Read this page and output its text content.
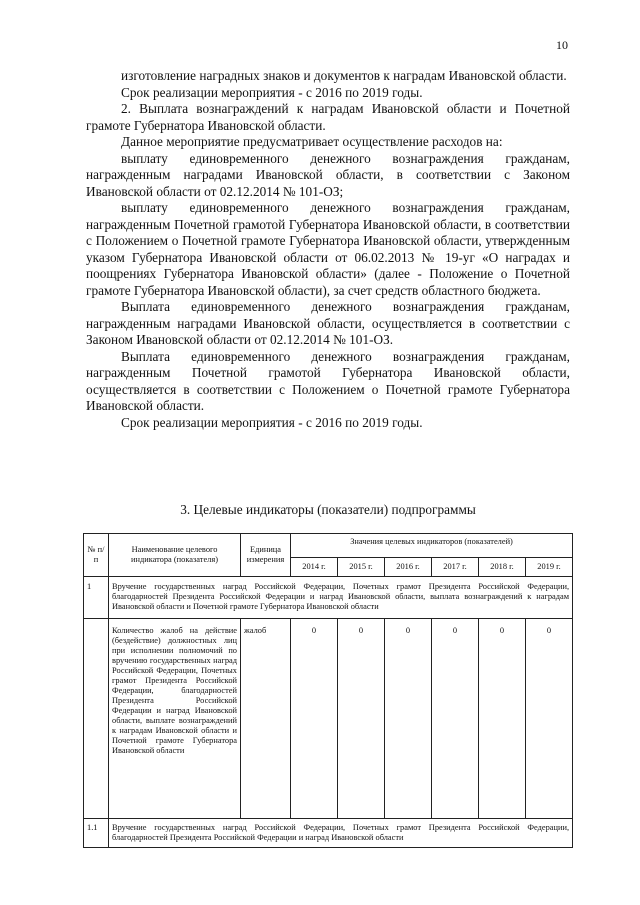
10

изготовление наградных знаков и документов к наградам Ивановской области.

Срок реализации мероприятия - с 2016 по 2019 годы.

2. Выплата вознаграждений к наградам Ивановской области и Почетной грамоте Губернатора Ивановской области.

Данное мероприятие предусматривает осуществление расходов на:

выплату единовременного денежного вознаграждения гражданам, награжденным наградами Ивановской области, в соответствии с Законом Ивановской области от 02.12.2014 № 101-ОЗ;

выплату единовременного денежного вознаграждения гражданам, награжденным Почетной грамотой Губернатора Ивановской области, в соответствии с Положением о Почетной грамоте Губернатора Ивановской области, утвержденным указом Губернатора Ивановской области от 06.02.2013 № 19-уг «О наградах и поощрениях Губернатора Ивановской области» (далее - Положение о Почетной грамоте Губернатора Ивановской области), за счет средств областного бюджета.

Выплата единовременного денежного вознаграждения гражданам, награжденным наградами Ивановской области, осуществляется в соответствии с Законом Ивановской области от 02.12.2014 № 101-ОЗ.

Выплата единовременного денежного вознаграждения гражданам, награжденным Почетной грамотой Губернатора Ивановской области, осуществляется в соответствии с Положением о Почетной грамоте Губернатора Ивановской области.

Срок реализации мероприятия - с 2016 по 2019 годы.

3. Целевые индикаторы (показатели) подпрограммы
№ п/п	Наименование целевого индикатора (показателя)	Единица измерения	Значения целевых индикаторов (показателей)					
			2014 г.	2015 г.	2016 г.	2017 г.	2018 г.	2019 г.
1	Вручение государственных наград Российской Федерации, Почетных грамот Президента Российской Федерации, благодарностей Президента Российской Федерации и наград Ивановской области, выплата вознаграждений к наградам Ивановской области и Почетной грамоте Губернатора Ивановской области							
	Количество жалоб на действие (бездействие) должностных лиц при исполнении полномочий по вручению государственных наград Российской Федерации, Почетных грамот Президента Российской Федерации, благодарностей Президента Российской Федерации и наград Ивановской области, выплате вознаграждений к наградам Ивановской области и Почетной грамоте Губернатора Ивановской области	жалоб	0	0	0	0	0	0
1.1	Вручение государственных наград Российской Федерации, Почетных грамот Президента Российской Федерации, благодарностей Президента Российской Федерации и наград Ивановской области							
